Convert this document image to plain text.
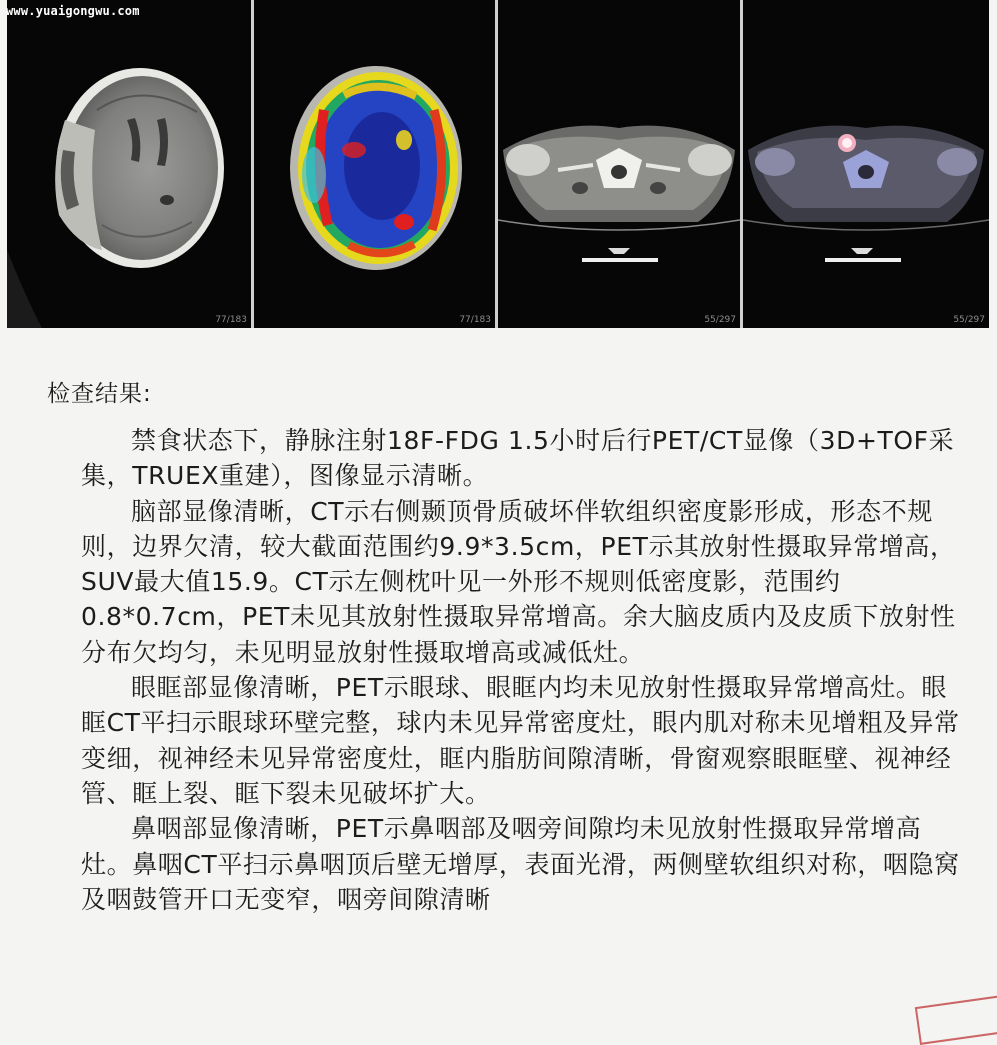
www.yuaigongwu.com
77/183	77/183	55/297	55/297
检查结果:

禁食状态下，静脉注射18F-FDG 1.5小时后行PET/CT显像（3D+TOF采集，TRUEX重建），图像显示清晰。

脑部显像清晰，CT示右侧颞顶骨质破坏伴软组织密度影形成，形态不规则，边界欠清，较大截面范围约9.9*3.5cm，PET示其放射性摄取异常增高，SUV最大值15.9。CT示左侧枕叶见一外形不规则低密度影，范围约0.8*0.7cm，PET未见其放射性摄取异常增高。余大脑皮质内及皮质下放射性分布欠均匀，未见明显放射性摄取增高或减低灶。

眼眶部显像清晰，PET示眼球、眼眶内均未见放射性摄取异常增高灶。眼眶CT平扫示眼球环壁完整，球内未见异常密度灶，眼内肌对称未见增粗及异常变细，视神经未见异常密度灶，眶内脂肪间隙清晰，骨窗观察眼眶壁、视神经管、眶上裂、眶下裂未见破坏扩大。

鼻咽部显像清晰，PET示鼻咽部及咽旁间隙均未见放射性摄取异常增高灶。鼻咽CT平扫示鼻咽顶后壁无增厚，表面光滑，两侧壁软组织对称，咽隐窝及咽鼓管开口无变窄，咽旁间隙清晰
